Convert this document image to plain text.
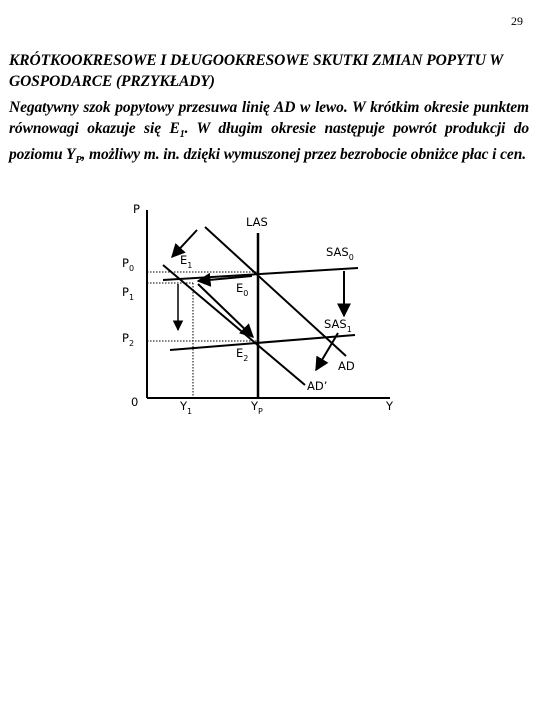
29
KRÓTKOOKRESOWE I DŁUGOOKRESOWE SKUTKI ZMIAN POPYTU W GOSPODARCE (PRZYKŁADY)
Negatywny szok popytowy przesuwa linię AD w lewo. W krótkim okresie punktem równowagi okazuje się $E_1$. W długim okresie następuje powrót produkcji do poziomu $Y_P$, możliwy m. in. dzięki wymuszonej przez bezrobocie obniżce płac i cen.
P
Y
0
LAS
$SAS_0$
$SAS_1$
AD
AD’
$E_1$
$E_0$
$E_2$
$P_0$
$P_1$
$P_2$
$Y_1$	$Y_P$
